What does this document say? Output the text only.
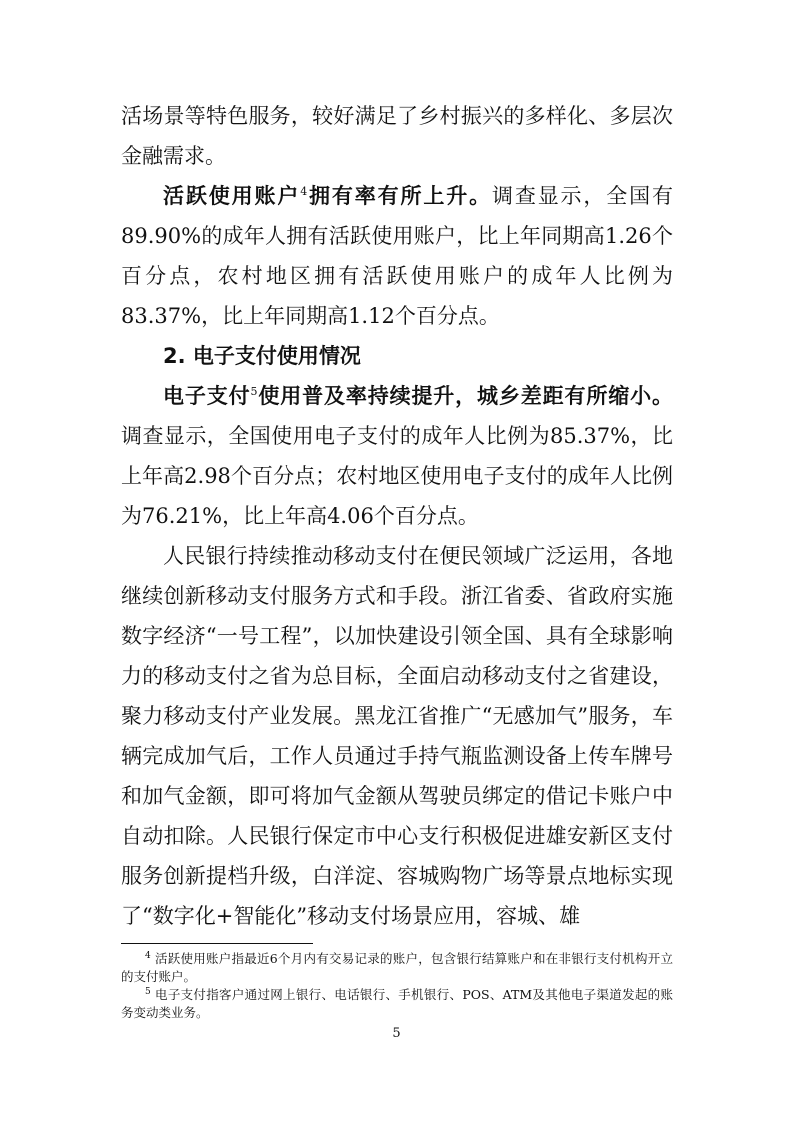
活场景等特色服务，较好满足了乡村振兴的多样化、多层次金融需求。

活跃使用账户$^4$拥有率有所上升。调查显示，全国有89.90%的成年人拥有活跃使用账户，比上年同期高1.26个百分点，农村地区拥有活跃使用账户的成年人比例为83.37%，比上年同期高1.12个百分点。

2. 电子支付使用情况

电子支付$^5$使用普及率持续提升，城乡差距有所缩小。调查显示，全国使用电子支付的成年人比例为85.37%，比上年高2.98个百分点；农村地区使用电子支付的成年人比例为76.21%，比上年高4.06个百分点。

人民银行持续推动移动支付在便民领域广泛运用，各地继续创新移动支付服务方式和手段。浙江省委、省政府实施数字经济“一号工程”，以加快建设引领全国、具有全球影响力的移动支付之省为总目标，全面启动移动支付之省建设，聚力移动支付产业发展。黑龙江省推广“无感加气”服务，车辆完成加气后，工作人员通过手持气瓶监测设备上传车牌号和加气金额，即可将加气金额从驾驶员绑定的借记卡账户中自动扣除。人民银行保定市中心支行积极促进雄安新区支付服务创新提档升级，白洋淀、容城购物广场等景点地标实现了“数字化+智能化”移动支付场景应用，容城、雄

$^4$ 活跃使用账户指最近6个月内有交易记录的账户，包含银行结算账户和在非银行支付机构开立的支付账户。

$^5$ 电子支付指客户通过网上银行、电话银行、手机银行、POS、ATM及其他电子渠道发起的账务变动类业务。

5
